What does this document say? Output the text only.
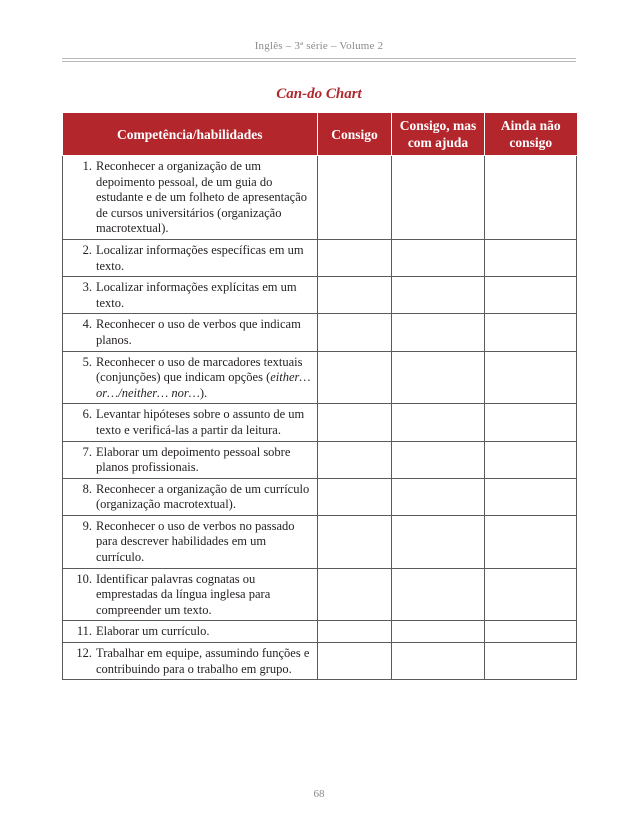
Inglês – 3ª série – Volume 2
Can-do Chart
Competência/habilidades	Consigo	Consigo, mas com ajuda	Ainda não consigo

1. Reconhecer a organização de um depoimento pessoal, de um guia do estudante e de um folheto de apresentação de cursos universitários (organização macrotextual).			

2. Localizar informações específicas em um texto.			

3. Localizar informações explícitas em um texto.			

4. Reconhecer o uso de verbos que indicam planos.			

5. Reconhecer o uso de marcadores textuais (conjunções) que indicam opções (either… or…/neither… nor…).			

6. Levantar hipóteses sobre o assunto de um texto e verificá-las a partir da leitura.			

7. Elaborar um depoimento pessoal sobre planos profissionais.			

8. Reconhecer a organização de um currículo (organização macrotextual).			

9. Reconhecer o uso de verbos no passado para descrever habilidades em um currículo.			

10. Identificar palavras cognatas ou emprestadas da língua inglesa para compreender um texto.			

11. Elaborar um currículo.			

12. Trabalhar em equipe, assumindo funções e contribuindo para o trabalho em grupo.			

68
